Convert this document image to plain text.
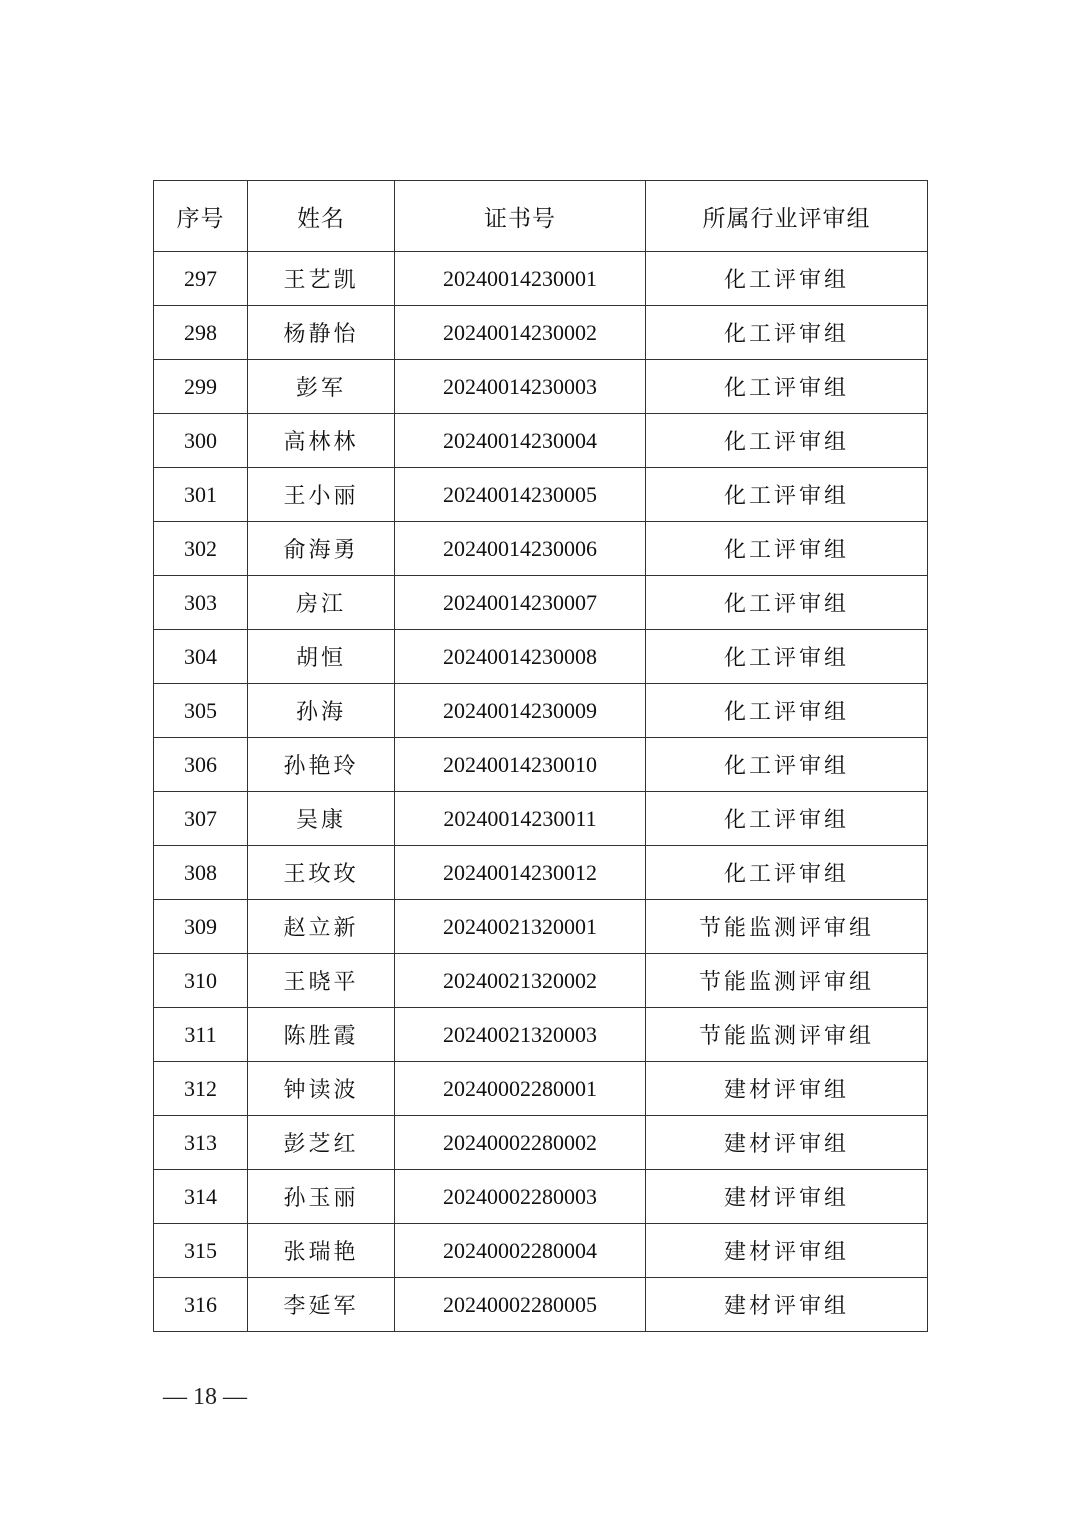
序号	姓名	证书号	所属行业评审组
297	王艺凯	20240014230001	化工评审组
298	杨静怡	20240014230002	化工评审组
299	彭军	20240014230003	化工评审组
300	高林林	20240014230004	化工评审组
301	王小丽	20240014230005	化工评审组
302	俞海勇	20240014230006	化工评审组
303	房江	20240014230007	化工评审组
304	胡恒	20240014230008	化工评审组
305	孙海	20240014230009	化工评审组
306	孙艳玲	20240014230010	化工评审组
307	吴康	20240014230011	化工评审组
308	王玫玫	20240014230012	化工评审组
309	赵立新	20240021320001	节能监测评审组
310	王晓平	20240021320002	节能监测评审组
311	陈胜霞	20240021320003	节能监测评审组
312	钟读波	20240002280001	建材评审组
313	彭芝红	20240002280002	建材评审组
314	孙玉丽	20240002280003	建材评审组
315	张瑞艳	20240002280004	建材评审组
316	李延军	20240002280005	建材评审组
— 18 —
